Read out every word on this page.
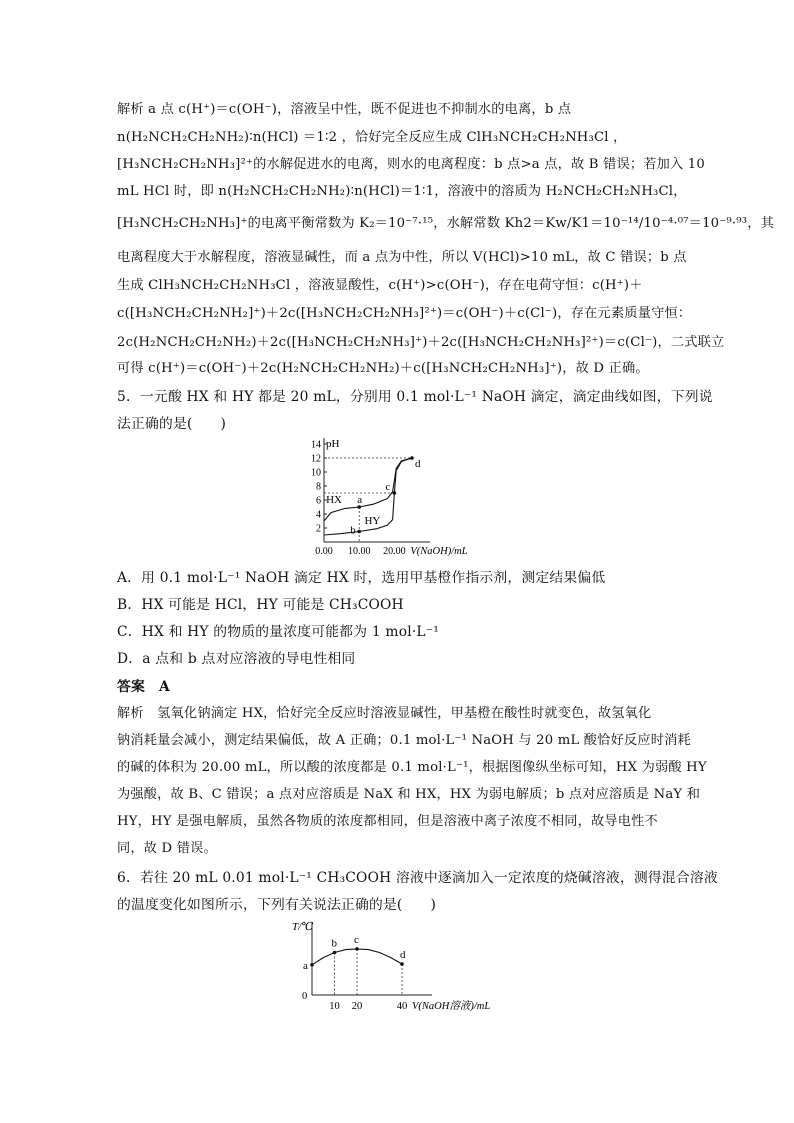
解析 a 点 c(H⁺)＝c(OH⁻)，溶液呈中性，既不促进也不抑制水的电离，b 点
n(H₂NCH₂CH₂NH₂)∶n(HCl) ＝1∶2 ，恰好完全反应生成 ClH₃NCH₂CH₂NH₃Cl ，
[H₃NCH₂CH₂NH₃]²⁺的水解促进水的电离，则水的电离程度：b 点>a 点，故 B 错误；若加入 10
mL HCl 时，即 n(H₂NCH₂CH₂NH₂)∶n(HCl)＝1∶1，溶液中的溶质为 H₂NCH₂CH₂NH₃Cl，
[H₃NCH₂CH₂NH₃]⁺的电离平衡常数为 K₂＝10⁻⁷·¹⁵，水解常数 Kh2＝Kw/K1＝10⁻¹⁴/10⁻⁴·⁰⁷＝10⁻⁹·⁹³，其
电离程度大于水解程度，溶液显碱性，而 a 点为中性，所以 V(HCl)>10 mL，故 C 错误；b 点
生成 ClH₃NCH₂CH₂NH₃Cl ，溶液显酸性，c(H⁺)>c(OH⁻)，存在电荷守恒：c(H⁺)＋
c([H₃NCH₂CH₂NH₂]⁺)＋2c([H₃NCH₂CH₂NH₃]²⁺)＝c(OH⁻)＋c(Cl⁻)，存在元素质量守恒：
2c(H₂NCH₂CH₂NH₂)＋2c([H₃NCH₂CH₂NH₃]⁺)＋2c([H₃NCH₂CH₂NH₃]²⁺)＝c(Cl⁻)，二式联立
可得 c(H⁺)＝c(OH⁻)＋2c(H₂NCH₂CH₂NH₂)＋c([H₃NCH₂CH₂NH₃]⁺)，故 D 正确。
5．一元酸 HX 和 HY 都是 20 mL，分别用 0.1 mol·L⁻¹ NaOH 滴定，滴定曲线如图，下列说
法正确的是(　　)
pH
2
4
6
8
10
12
14
0.00 10.00 20.00 V(NaOH)/mL
a
b
c
d
HX
HY
A．用 0.1 mol·L⁻¹ NaOH 滴定 HX 时，选用甲基橙作指示剂，测定结果偏低
B．HX 可能是 HCl，HY 可能是 CH₃COOH
C．HX 和 HY 的物质的量浓度可能都为 1 mol·L⁻¹
D．a 点和 b 点对应溶液的导电性相同
答案　A
解析　氢氧化钠滴定 HX，恰好完全反应时溶液显碱性，甲基橙在酸性时就变色，故氢氧化
钠消耗量会减小，测定结果偏低，故 A 正确；0.1 mol·L⁻¹ NaOH 与 20 mL 酸恰好反应时消耗
的碱的体积为 20.00 mL，所以酸的浓度都是 0.1 mol·L⁻¹，根据图像纵坐标可知，HX 为弱酸 HY
为强酸，故 B、C 错误；a 点对应溶质是 NaX 和 HX，HX 为弱电解质；b 点对应溶质是 NaY 和
HY，HY 是强电解质，虽然各物质的浓度都相同，但是溶液中离子浓度不相同，故导电性不
同，故 D 错误。
6．若往 20 mL 0.01 mol·L⁻¹ CH₃COOH 溶液中逐滴加入一定浓度的烧碱溶液，测得混合溶液
的温度变化如图所示，下列有关说法正确的是(　　)
T/℃
0
10 20	40 V(NaOH溶液)/mL
a
b c
d
